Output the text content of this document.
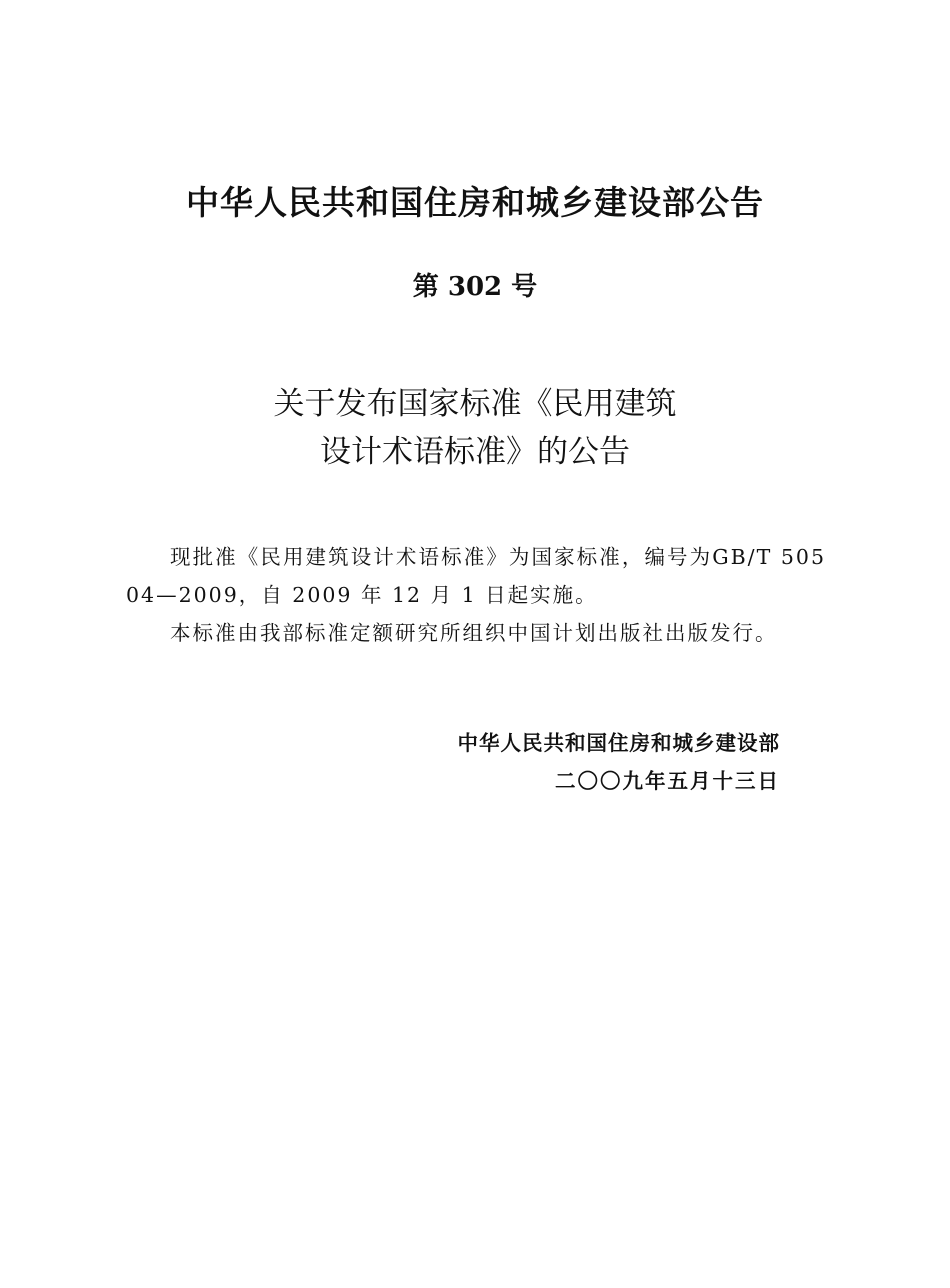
中华人民共和国住房和城乡建设部公告
第 302 号
关于发布国家标准《民用建筑
设计术语标准》的公告

现批准《民用建筑设计术语标准》为国家标准，编号为GB/T 50504—2009，自 2009 年 12 月 1 日起实施。

本标准由我部标准定额研究所组织中国计划出版社出版发行。

中华人民共和国住房和城乡建设部
二〇〇九年五月十三日
